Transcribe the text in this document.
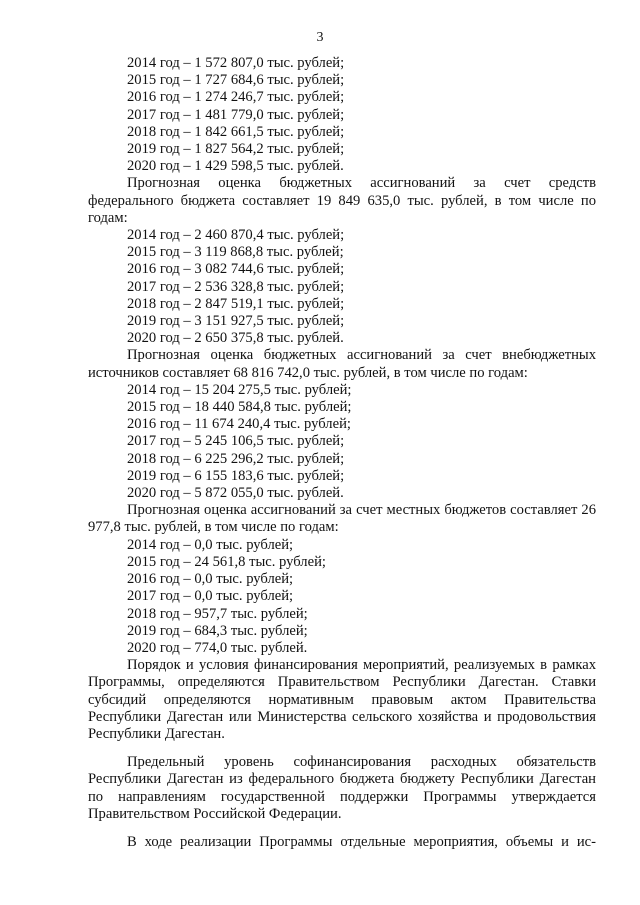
3
2014 год – 1 572 807,0 тыс. рублей;
2015 год – 1 727 684,6 тыс. рублей;
2016 год – 1 274 246,7 тыс. рублей;
2017 год – 1 481 779,0 тыс. рублей;
2018 год – 1 842 661,5 тыс. рублей;
2019 год – 1 827 564,2 тыс. рублей;
2020 год – 1 429 598,5 тыс. рублей.
Прогнозная оценка бюджетных ассигнований за счет средств федерального бюджета составляет 19 849 635,0 тыс. рублей, в том числе по годам:
2014 год – 2 460 870,4 тыс. рублей;
2015 год – 3 119 868,8 тыс. рублей;
2016 год – 3 082 744,6 тыс. рублей;
2017 год – 2 536 328,8 тыс. рублей;
2018 год – 2 847 519,1 тыс. рублей;
2019 год – 3 151 927,5 тыс. рублей;
2020 год – 2 650 375,8 тыс. рублей.
Прогнозная оценка бюджетных ассигнований за счет внебюджетных источников составляет 68 816 742,0 тыс. рублей, в том числе по годам:
2014 год – 15 204 275,5 тыс. рублей;
2015 год – 18 440 584,8 тыс. рублей;
2016 год – 11 674 240,4 тыс. рублей;
2017 год – 5 245 106,5 тыс. рублей;
2018 год – 6 225 296,2 тыс. рублей;
2019 год – 6 155 183,6 тыс. рублей;
2020 год – 5 872 055,0 тыс. рублей.
Прогнозная оценка ассигнований за счет местных бюджетов составляет 26 977,8 тыс. рублей, в том числе по годам:
2014 год – 0,0 тыс. рублей;
2015 год – 24 561,8 тыс. рублей;
2016 год – 0,0 тыс. рублей;
2017 год – 0,0 тыс. рублей;
2018 год – 957,7 тыс. рублей;
2019 год – 684,3 тыс. рублей;
2020 год – 774,0 тыс. рублей.
Порядок и условия финансирования мероприятий, реализуемых в рамках Программы, определяются Правительством Республики Дагестан. Ставки субсидий определяются нормативным правовым актом Правительства Республики Дагестан или Министерства сельского хозяйства и продовольствия Республики Дагестан.
Предельный уровень софинансирования расходных обязательств Республики Дагестан из федерального бюджета бюджету Республики Дагестан по направлениям государственной поддержки Программы утверждается Правительством Российской Федерации.
В ходе реализации Программы отдельные мероприятия, объемы и ис-
